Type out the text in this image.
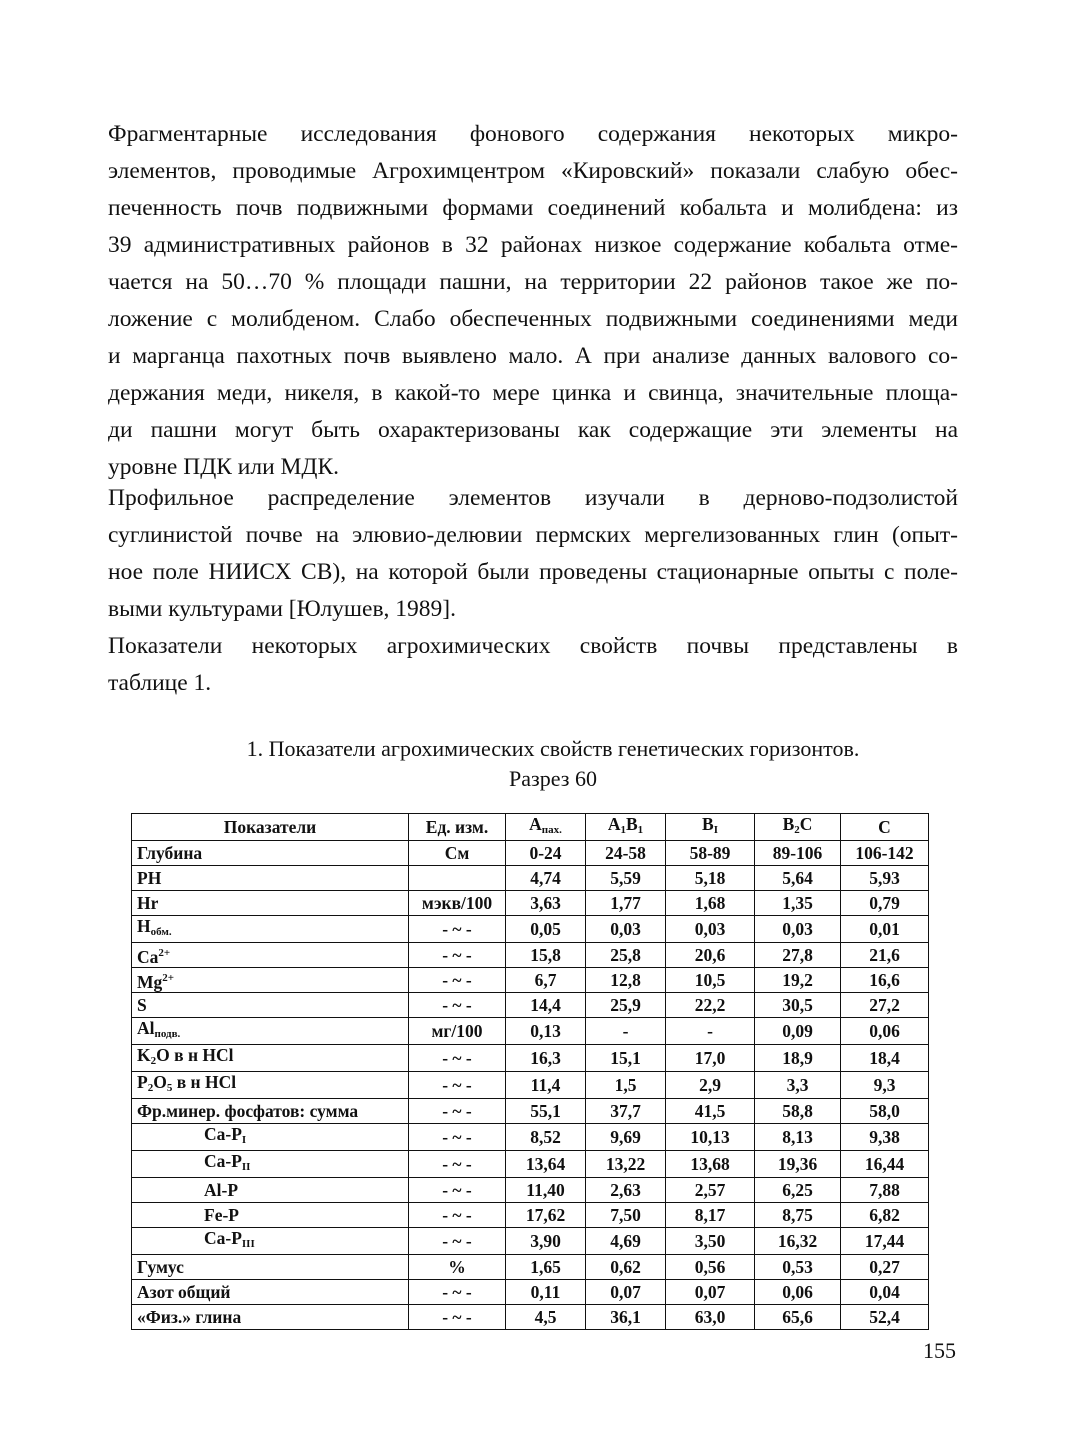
Фрагментарные исследования фонового содержания некоторых микро-
элементов, проводимые Агрохимцентром «Кировский» показали слабую обес-
печенность почв подвижными формами соединений кобальта и молибдена: из
39 административных районов в 32 районах низкое содержание кобальта отме-
чается на 50…70 % площади пашни, на территории 22 районов такое же по-
ложение с молибденом. Слабо обеспеченных подвижными соединениями меди
и марганца пахотных почв выявлено мало. А при анализе данных валового со-
держания меди, никеля, в какой-то мере цинка и свинца, значительные площа-
ди пашни могут быть охарактеризованы как содержащие эти элементы на
уровне ПДК или МДК.

Профильное распределение элементов изучали в дерново-подзолистой
суглинистой почве на элювио-делювии пермских мергелизованных глин (опыт-
ное поле НИИСХ СВ), на которой были проведены стационарные опыты с поле-
выми культурами [Юлушев, 1989].

Показатели некоторых агрохимических свойств почвы представлены в
таблице 1.

1. Показатели агрохимических свойств генетических горизонтов.
Разрез 60
Показатели	Ед. изм.	$A_{пах.}$	$A_1B_1$	$B_I$	$B_2C$	C
Глубина	См	0-24	24-58	58-89	89-106	106-142
PH		4,74	5,59	5,18	5,64	5,93
Hr	мэкв/100	3,63	1,77	1,68	1,35	0,79
$H_{обм.}$	- ~ -	0,05	0,03	0,03	0,03	0,01
$Ca^{2+}$	- ~ -	15,8	25,8	20,6	27,8	21,6
$Mg^{2+}$	- ~ -	6,7	12,8	10,5	19,2	16,6
S	- ~ -	14,4	25,9	22,2	30,5	27,2
$Al_{подв.}$	мг/100	0,13	-	-	0,09	0,06
$K_2O$ в н HCl	- ~ -	16,3	15,1	17,0	18,9	18,4
$P_2O_5$ в н HCl	- ~ -	11,4	1,5	2,9	3,3	9,3
Фр.минер. фосфатов: сумма	- ~ -	55,1	37,7	41,5	58,8	58,0
$Ca-P_I$	- ~ -	8,52	9,69	10,13	8,13	9,38
$Ca-P_{II}$	- ~ -	13,64	13,22	13,68	19,36	16,44
Al-P	- ~ -	11,40	2,63	2,57	6,25	7,88
Fe-P	- ~ -	17,62	7,50	8,17	8,75	6,82
$Ca-P_{III}$	- ~ -	3,90	4,69	3,50	16,32	17,44
Гумус	%	1,65	0,62	0,56	0,53	0,27
Азот общий	- ~ -	0,11	0,07	0,07	0,06	0,04
«Физ.» глина	- ~ -	4,5	36,1	63,0	65,6	52,4
155
